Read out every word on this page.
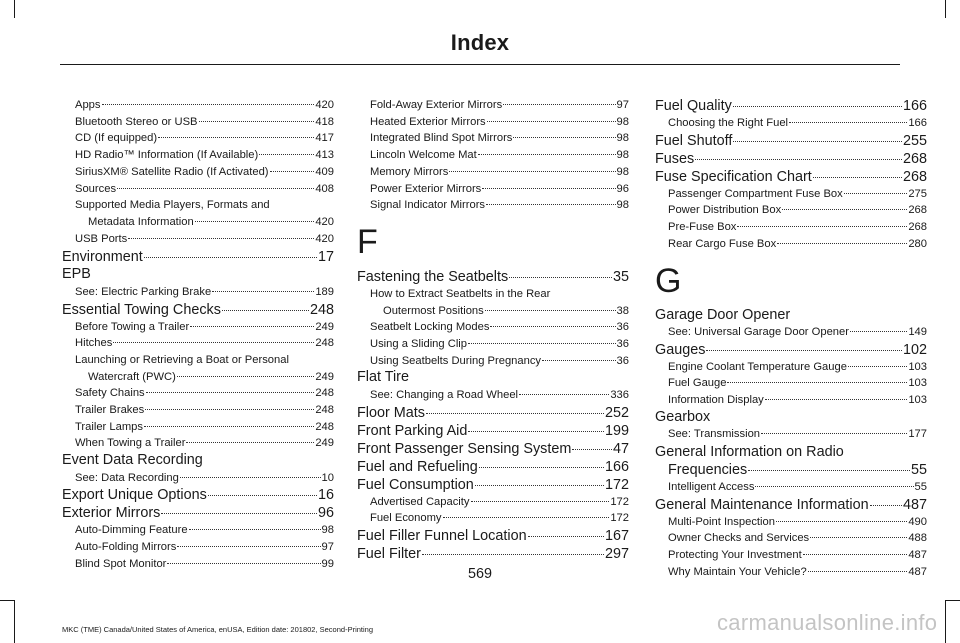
Index
Apps	420
Bluetooth Stereo or USB	418
CD (If equipped)	417
HD Radio™ Information (If Available)	413
SiriusXM® Satellite Radio (If Activated)	409
Sources	408
Supported Media Players, Formats and
Metadata Information	420
USB Ports	420
Environment	17
EPB
See: Electric Parking Brake	189
Essential Towing Checks	248
Before Towing a Trailer	249
Hitches	248
Launching or Retrieving a Boat or Personal
Watercraft (PWC)	249
Safety Chains	248
Trailer Brakes	248
Trailer Lamps	248
When Towing a Trailer	249
Event Data Recording
See: Data Recording	10
Export Unique Options	16
Exterior Mirrors	96
Auto-Dimming Feature	98
Auto-Folding Mirrors	97
Blind Spot Monitor	99
Fold-Away Exterior Mirrors	97
Heated Exterior Mirrors	98
Integrated Blind Spot Mirrors	98
Lincoln Welcome Mat	98
Memory Mirrors	98
Power Exterior Mirrors	96
Signal Indicator Mirrors	98
F
Fastening the Seatbelts	35
How to Extract Seatbelts in the Rear
Outermost Positions	38
Seatbelt Locking Modes	36
Using a Sliding Clip	36
Using Seatbelts During Pregnancy	36
Flat Tire
See: Changing a Road Wheel	336
Floor Mats	252
Front Parking Aid	199
Front Passenger Sensing System	47
Fuel and Refueling	166
Fuel Consumption	172
Advertised Capacity	172
Fuel Economy	172
Fuel Filler Funnel Location	167
Fuel Filter	297
Fuel Quality	166
Choosing the Right Fuel	166
Fuel Shutoff	255
Fuses	268
Fuse Specification Chart	268
Passenger Compartment Fuse Box	275
Power Distribution Box	268
Pre-Fuse Box	268
Rear Cargo Fuse Box	280
G
Garage Door Opener
See: Universal Garage Door Opener	149
Gauges	102
Engine Coolant Temperature Gauge	103
Fuel Gauge	103
Information Display	103
Gearbox
See: Transmission	177
General Information on Radio
Frequencies	55
Intelligent Access	55
General Maintenance Information 487
Multi-Point Inspection	490
Owner Checks and Services	488
Protecting Your Investment	487
Why Maintain Your Vehicle?	487
569
MKC (TME) Canada/United States of America, enUSA, Edition date: 201802, Second-Printing	carmanualsonline.info
